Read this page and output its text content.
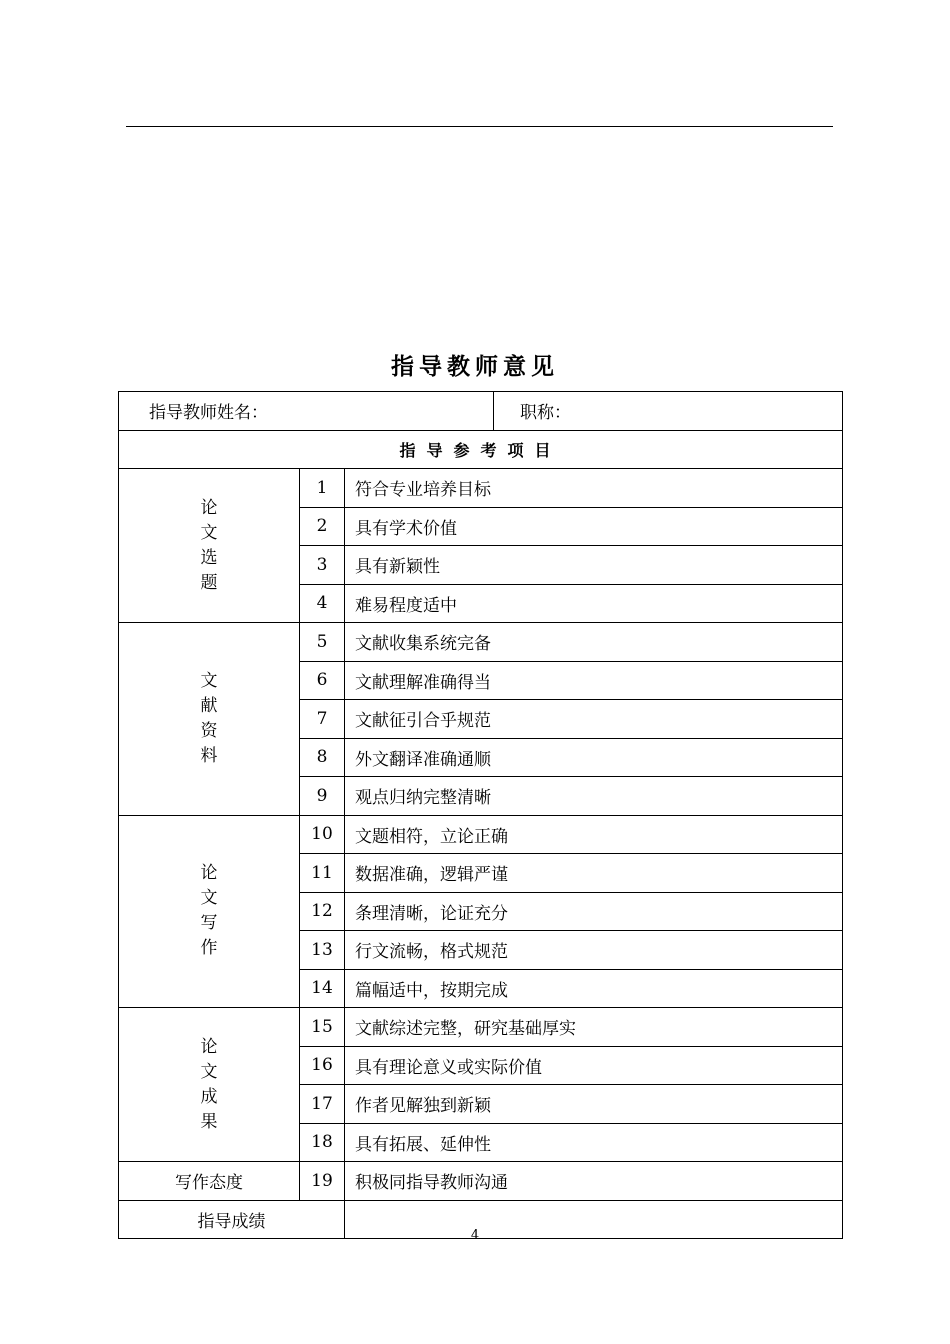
指导教师意见
指导教师姓名：			职称：
指导参考项目			

论
文
选
题	1	符合专业培养目标	
	2	具有学术价值	
	3	具有新颖性	
	4	难易程度适中	

文
献
资
料	5	文献收集系统完备	
	6	文献理解准确得当	
	7	文献征引合乎规范	
	8	外文翻译准确通顺	
	9	观点归纳完整清晰	

论
文
写
作	10	文题相符，立论正确	
	11	数据准确，逻辑严谨	
	12	条理清晰，论证充分	
	13	行文流畅，格式规范	
	14	篇幅适中，按期完成	

论
文
成
果	15	文献综述完整，研究基础厚实	
	16	具有理论意义或实际价值	
	17	作者见解独到新颖	
	18	具有拓展、延伸性	
写作态度	19	积极同指导教师沟通	
指导成绩			
4
